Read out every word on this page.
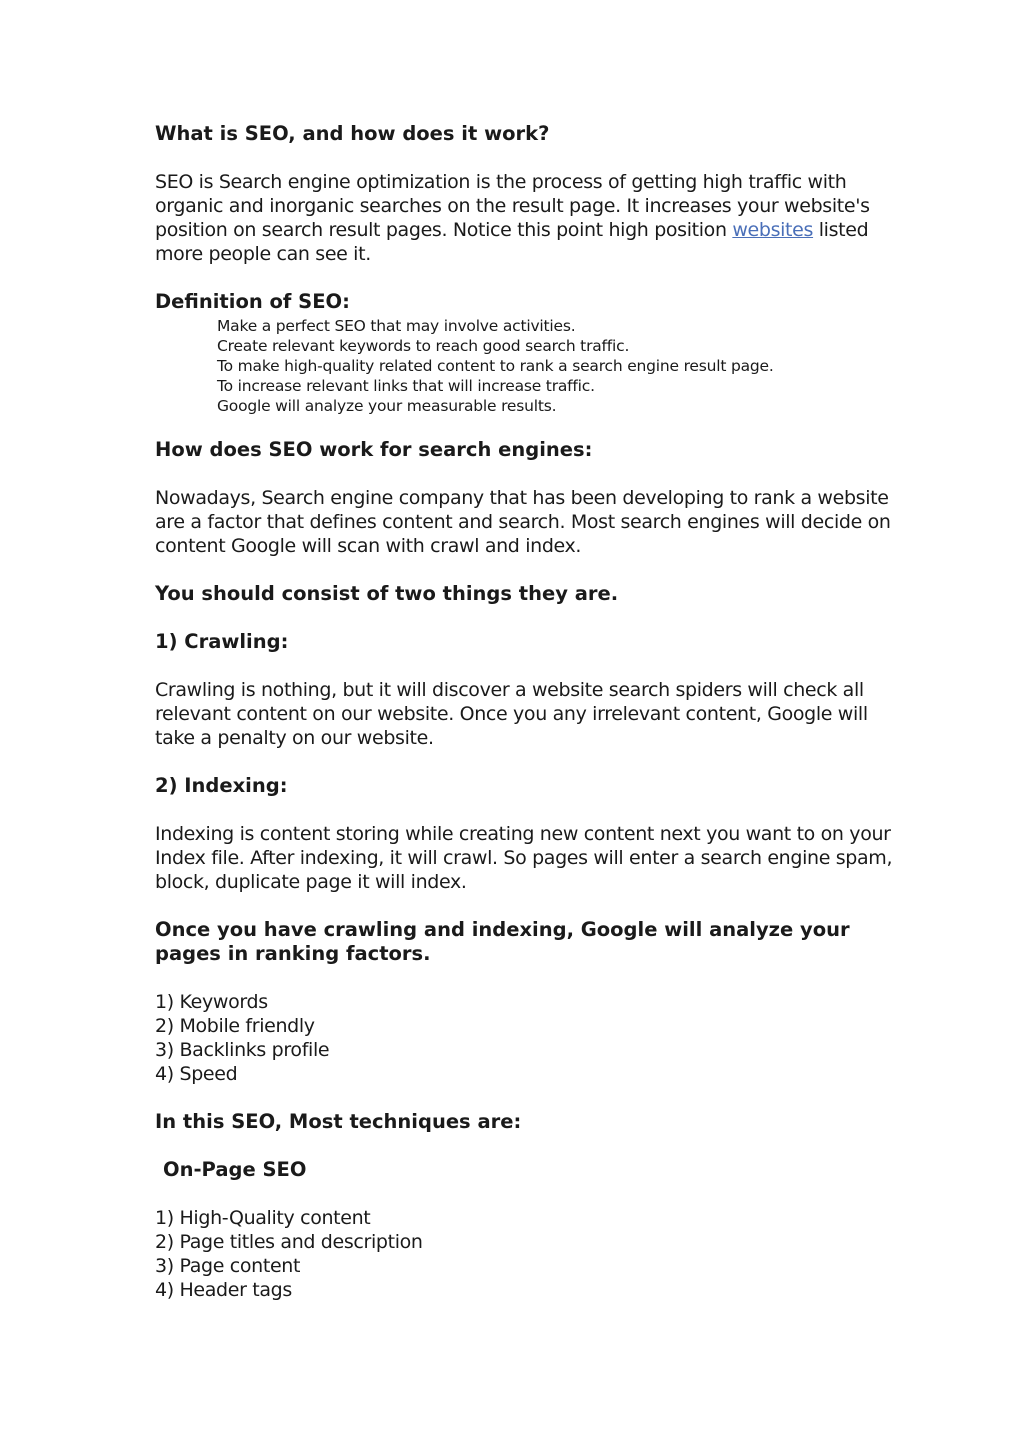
What is SEO, and how does it work?

SEO is Search engine optimization is the process of getting high traffic with organic and inorganic searches on the result page. It increases your website's position on search result pages. Notice this point high position websites listed more people can see it.

Definition of SEO:
Make a perfect SEO that may involve activities.
Create relevant keywords to reach good search traffic.
To make high-quality related content to rank a search engine result page.
To increase relevant links that will increase traffic.
Google will analyze your measurable results.
How does SEO work for search engines:

Nowadays, Search engine company that has been developing to rank a website are a factor that defines content and search. Most search engines will decide on content Google will scan with crawl and index.

You should consist of two things they are.
1) Crawling:

Crawling is nothing, but it will discover a website search spiders will check all relevant content on our website. Once you any irrelevant content, Google will take a penalty on our website.

2) Indexing:

Indexing is content storing while creating new content next you want to on your Index file. After indexing, it will crawl. So pages will enter a search engine spam, block, duplicate page it will index.

Once you have crawling and indexing, Google will analyze your pages in ranking factors.
1) Keywords
2) Mobile friendly
3) Backlinks profile
4) Speed
In this SEO, Most techniques are:
On-Page SEO
1) High-Quality content
2) Page titles and description
3) Page content
4) Header tags
